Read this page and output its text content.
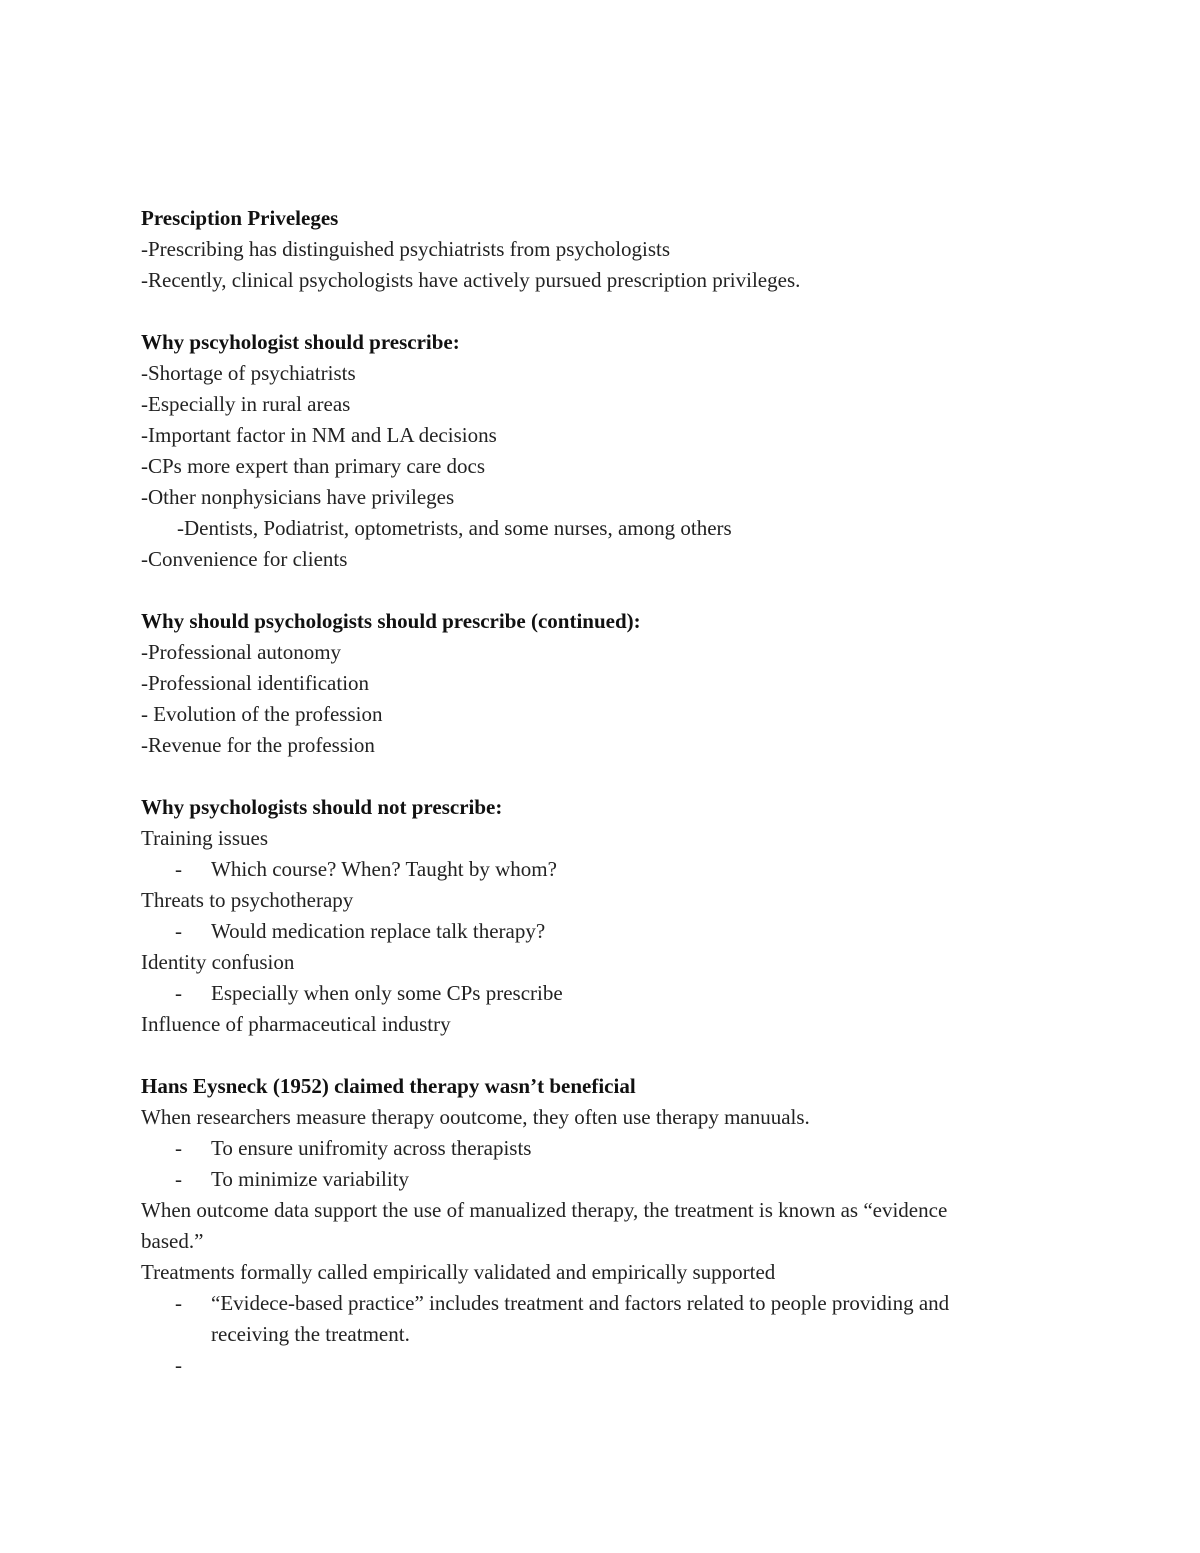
Presciption Priveleges

-Prescribing has distinguished psychiatrists from psychologists

-Recently, clinical psychologists have actively pursued prescription privileges.

Why pscyhologist should prescribe:

-Shortage of psychiatrists

-Especially in rural areas

-Important factor in NM and LA decisions

-CPs more expert than primary care docs

-Other nonphysicians have privileges

-Dentists, Podiatrist, optometrists, and some nurses, among others

-Convenience for clients

Why should psychologists should prescribe (continued):

-Professional autonomy

-Professional identification

- Evolution of the profession

-Revenue for the profession

Why psychologists should not prescribe:

Training issues

-	Which course? When? Taught by whom?

Threats to psychotherapy

-	Would medication replace talk therapy?

Identity confusion

-	Especially when only some CPs prescribe

Influence of pharmaceutical industry

Hans Eysneck (1952) claimed therapy wasn’t beneficial

When researchers measure therapy ooutcome, they often use therapy manuuals.

-	To ensure unifromity across therapists
-	To minimize variability

When outcome data support the use of manualized therapy, the treatment is known as “evidence

based.”

Treatments formally called empirically validated and empirically supported

-	“Evidece-based practice” includes treatment and factors related to people providing and
receiving the treatment.
-
